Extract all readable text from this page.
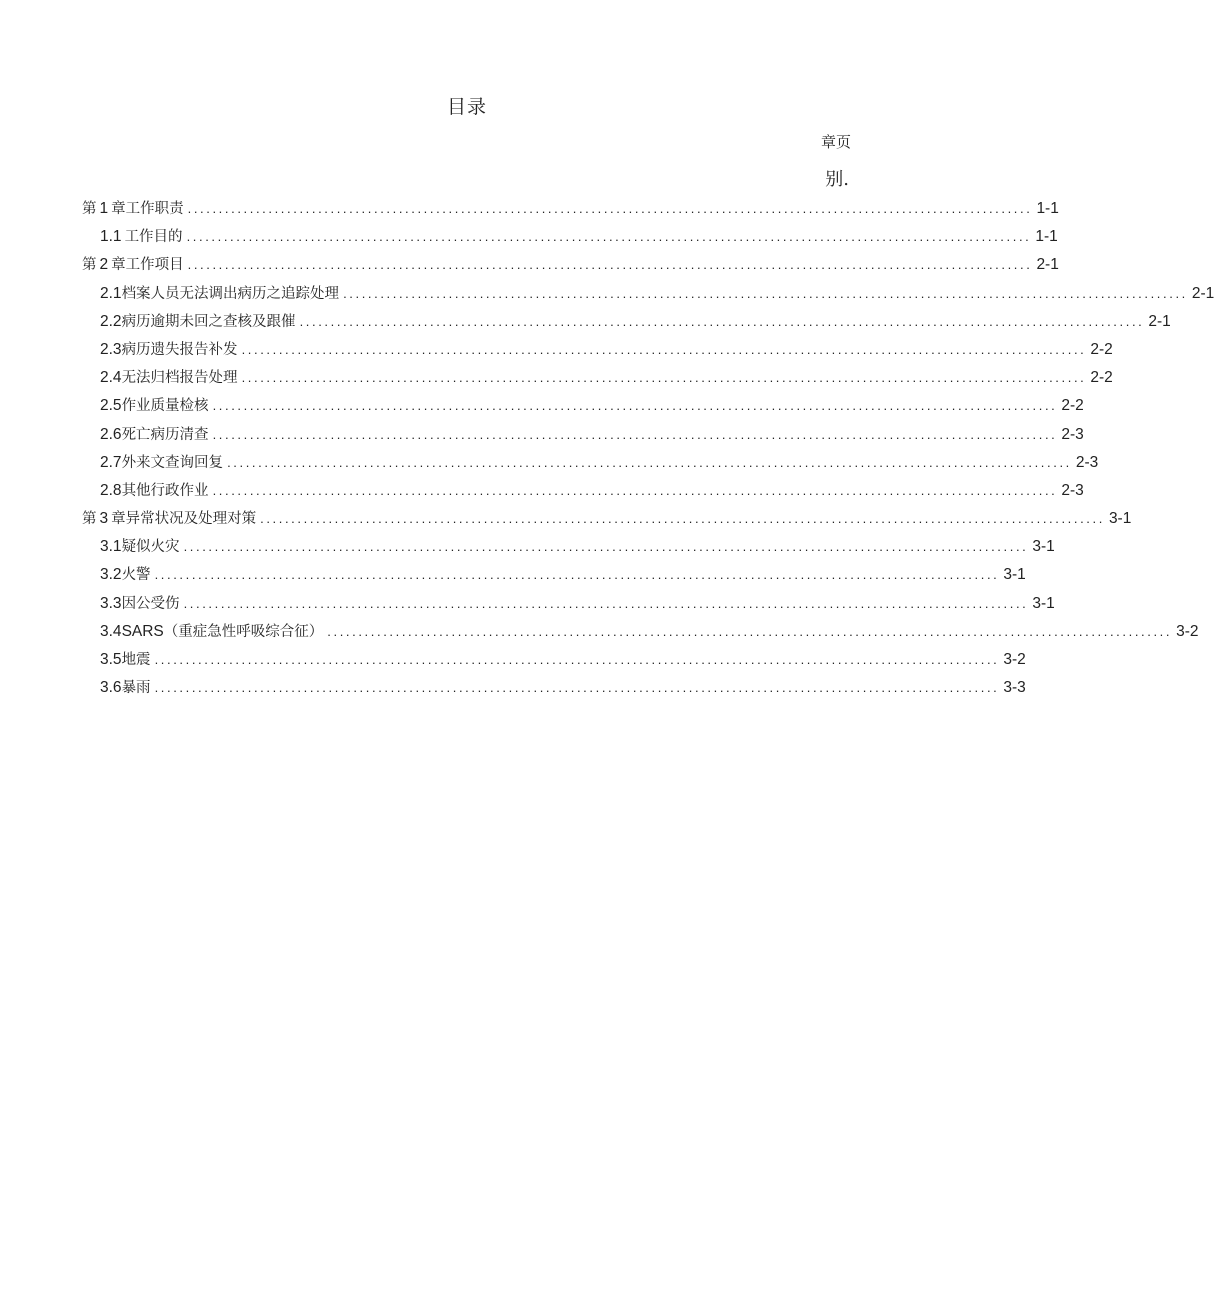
目录
章页
别.
第 1 章工作职责 ........................................................................................................................................ 1-1
1.1 工作目的 ........................................................................................................................................ 1-1
第 2 章工作项目 ........................................................................................................................................ 2-1
2.1 档案人员无法调出病历之追踪处理 ........................................................................................................................................ 2-1
2.2 病历逾期未回之查核及跟催 ........................................................................................................................................ 2-1
2.3 病历遗失报告补发 ........................................................................................................................................ 2-2
2.4 无法归档报告处理 ........................................................................................................................................ 2-2
2.5 作业质量检核 ........................................................................................................................................ 2-2
2.6 死亡病历清查 ........................................................................................................................................ 2-3
2.7 外来文查询回复 ........................................................................................................................................ 2-3
2.8 其他行政作业 ........................................................................................................................................ 2-3
第 3 章异常状况及处理对策 ........................................................................................................................................ 3-1
3.1 疑似火灾 ........................................................................................................................................ 3-1
3.2 火警 ........................................................................................................................................ 3-1
3.3 因公受伤 ........................................................................................................................................ 3-1
3.4 SARS （重症急性呼吸综合征） ........................................................................................................................................ 3-2
3.5 地震 ........................................................................................................................................ 3-2
3.6 暴雨 ........................................................................................................................................ 3-3
